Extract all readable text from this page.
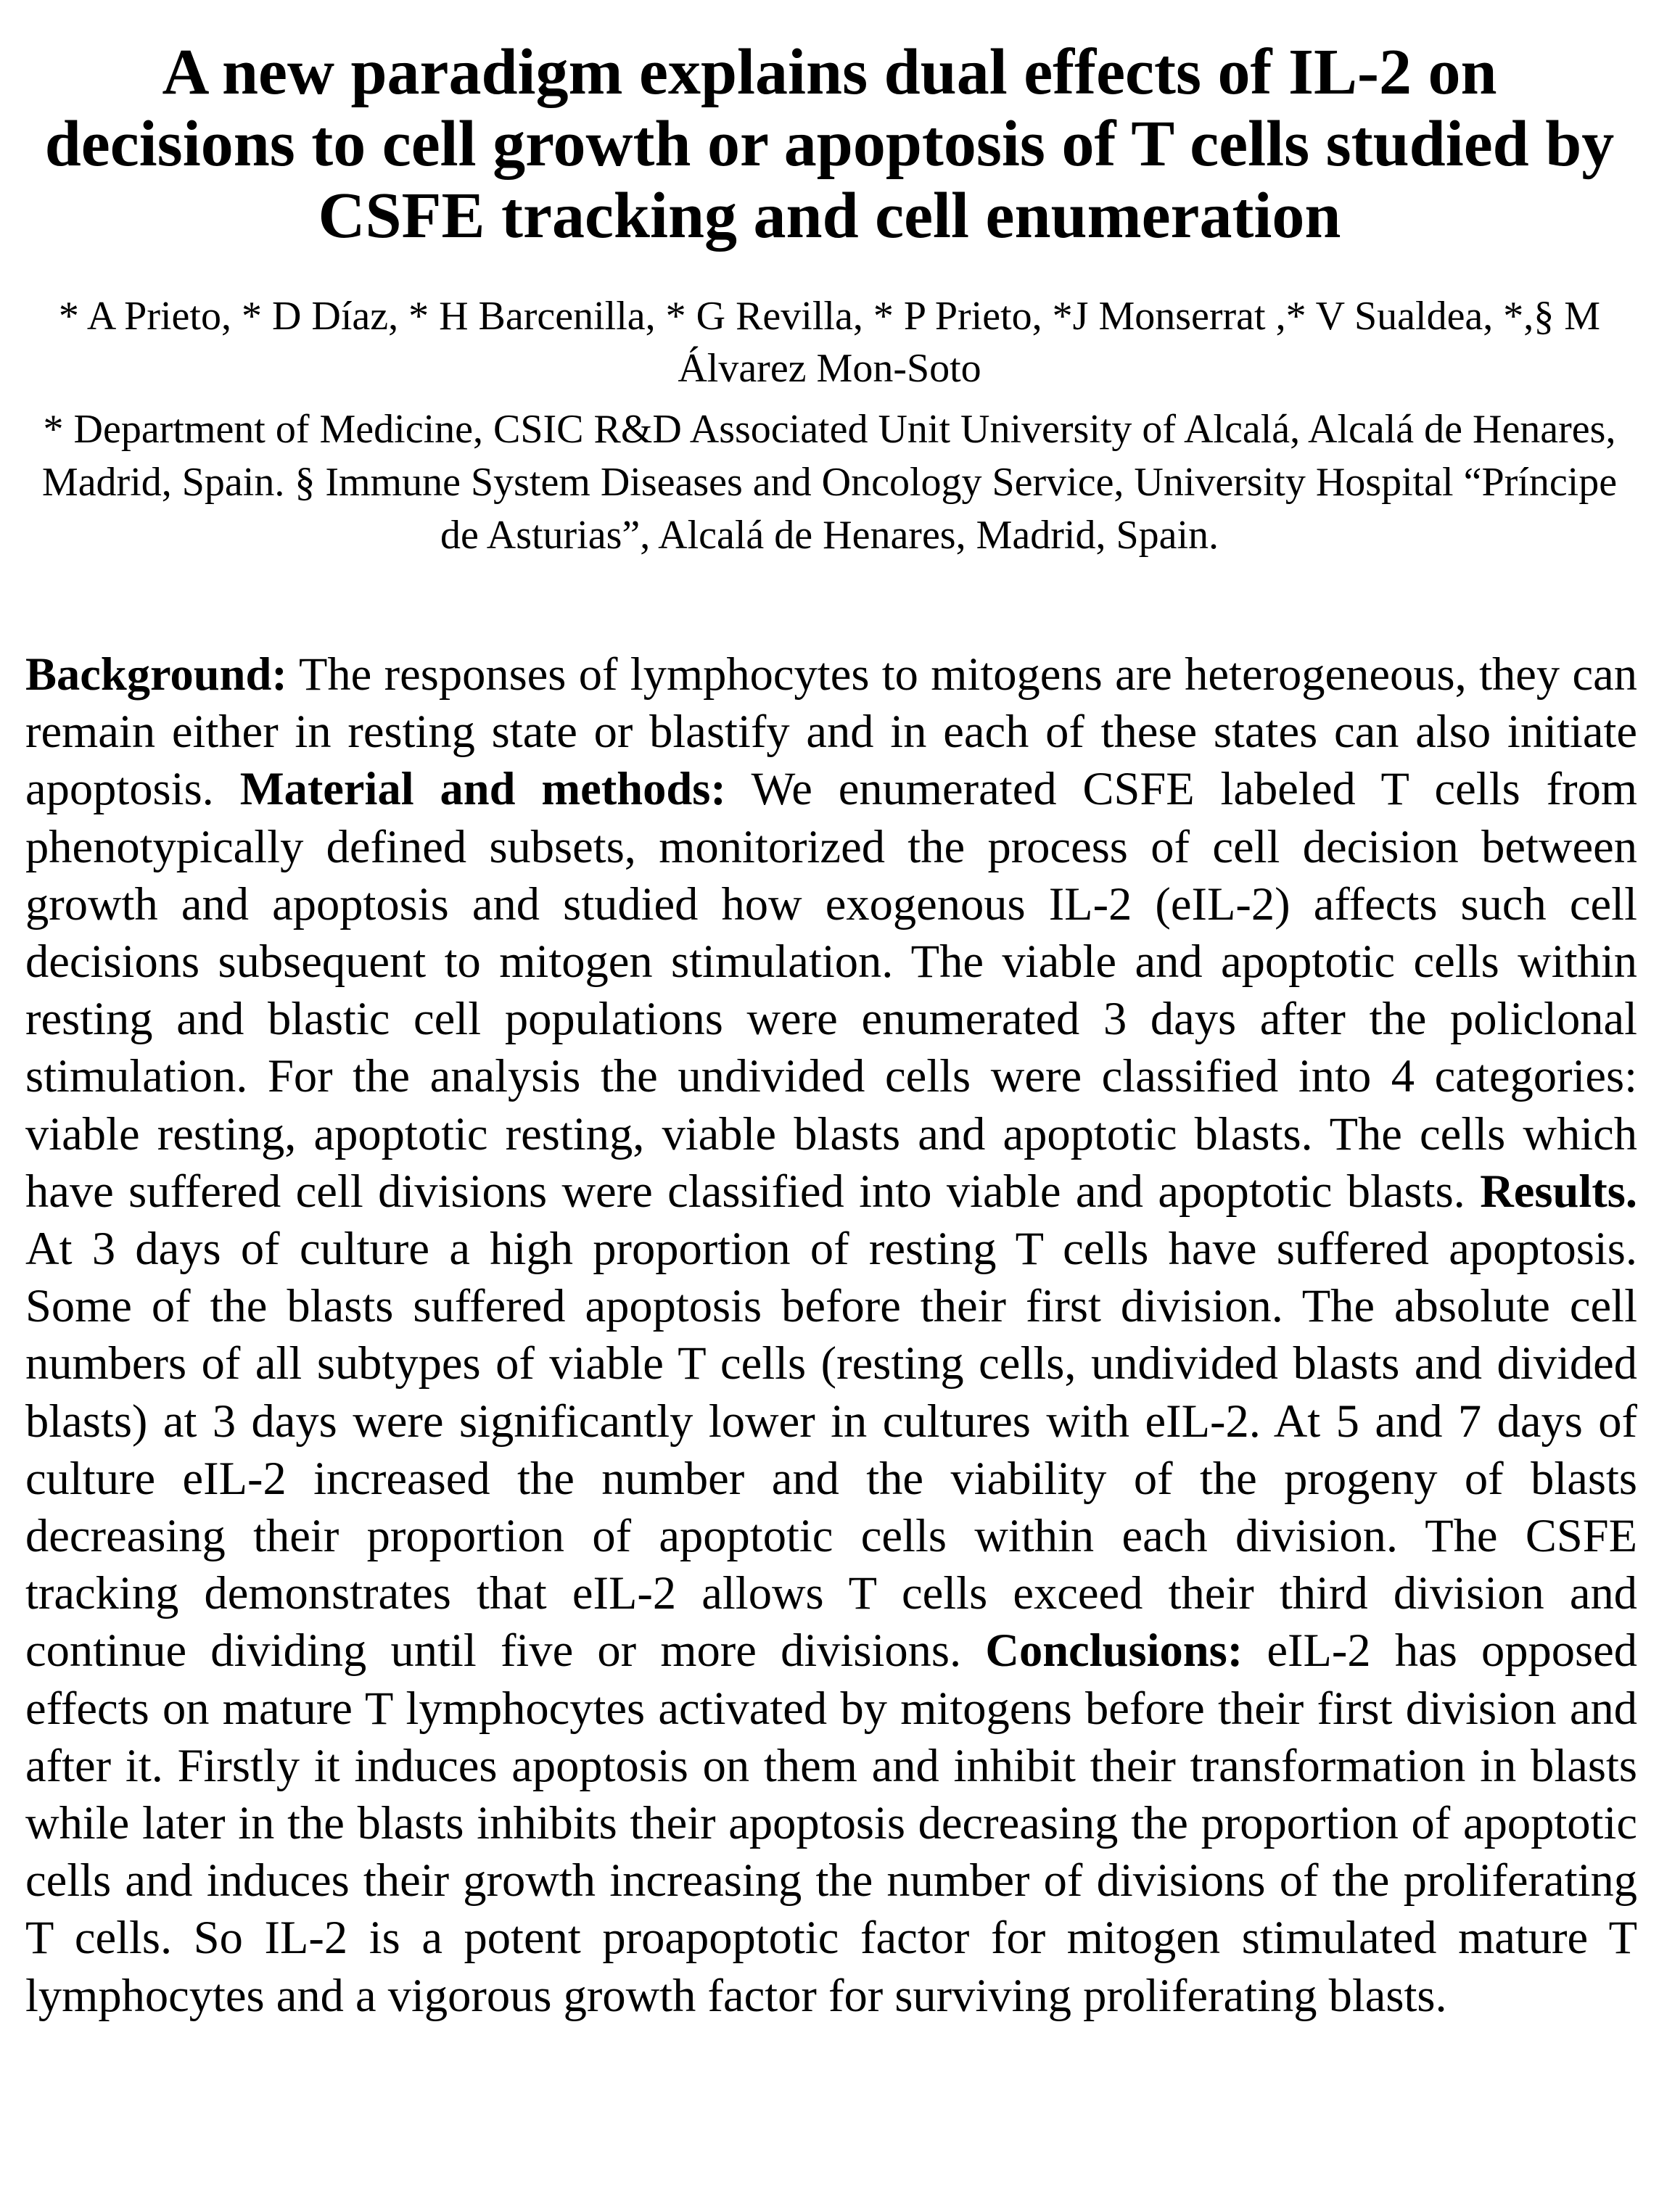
A new paradigm explains dual effects of IL-2 on decisions to cell growth or apoptosis of T cells studied by CSFE tracking and cell enumeration

* A Prieto, * D Díaz, * H Barcenilla, * G Revilla, * P Prieto, *J Monserrat ,* V Sualdea, *,§ M Álvarez Mon-Soto

* Department of Medicine, CSIC R&D Associated Unit University of Alcalá, Alcalá de Henares, Madrid, Spain. § Immune System Diseases and Oncology Service, University Hospital “Príncipe de Asturias”, Alcalá de Henares, Madrid, Spain.

Background: The responses of lymphocytes to mitogens are heterogeneous, they can remain either in resting state or blastify and in each of these states can also initiate apoptosis. Material and methods: We enumerated CSFE labeled T cells from phenotypically defined subsets, monitorized the process of cell decision between growth and apoptosis and studied how exogenous IL-2 (eIL-2) affects such cell decisions subsequent to mitogen stimulation. The viable and apoptotic cells within resting and blastic cell populations were enumerated 3 days after the policlonal stimulation. For the analysis the undivided cells were classified into 4 categories: viable resting, apoptotic resting, viable blasts and apoptotic blasts. The cells which have suffered cell divisions were classified into viable and apoptotic blasts. Results. At 3 days of culture a high proportion of resting T cells have suffered apoptosis. Some of the blasts suffered apoptosis before their first division. The absolute cell numbers of all subtypes of viable T cells (resting cells, undivided blasts and divided blasts) at 3 days were significantly lower in cultures with eIL-2. At 5 and 7 days of culture eIL-2 increased the number and the viability of the progeny of blasts decreasing their proportion of apoptotic cells within each division. The CSFE tracking demonstrates that eIL-2 allows T cells exceed their third division and continue dividing until five or more divisions. Conclusions: eIL-2 has opposed effects on mature T lymphocytes activated by mitogens before their first division and after it. Firstly it induces apoptosis on them and inhibit their transformation in blasts while later in the blasts inhibits their apoptosis decreasing the proportion of apoptotic cells and induces their growth increasing the number of divisions of the proliferating T cells. So IL-2 is a potent proapoptotic factor for mitogen stimulated mature T lymphocytes and a vigorous growth factor for surviving proliferating blasts.
